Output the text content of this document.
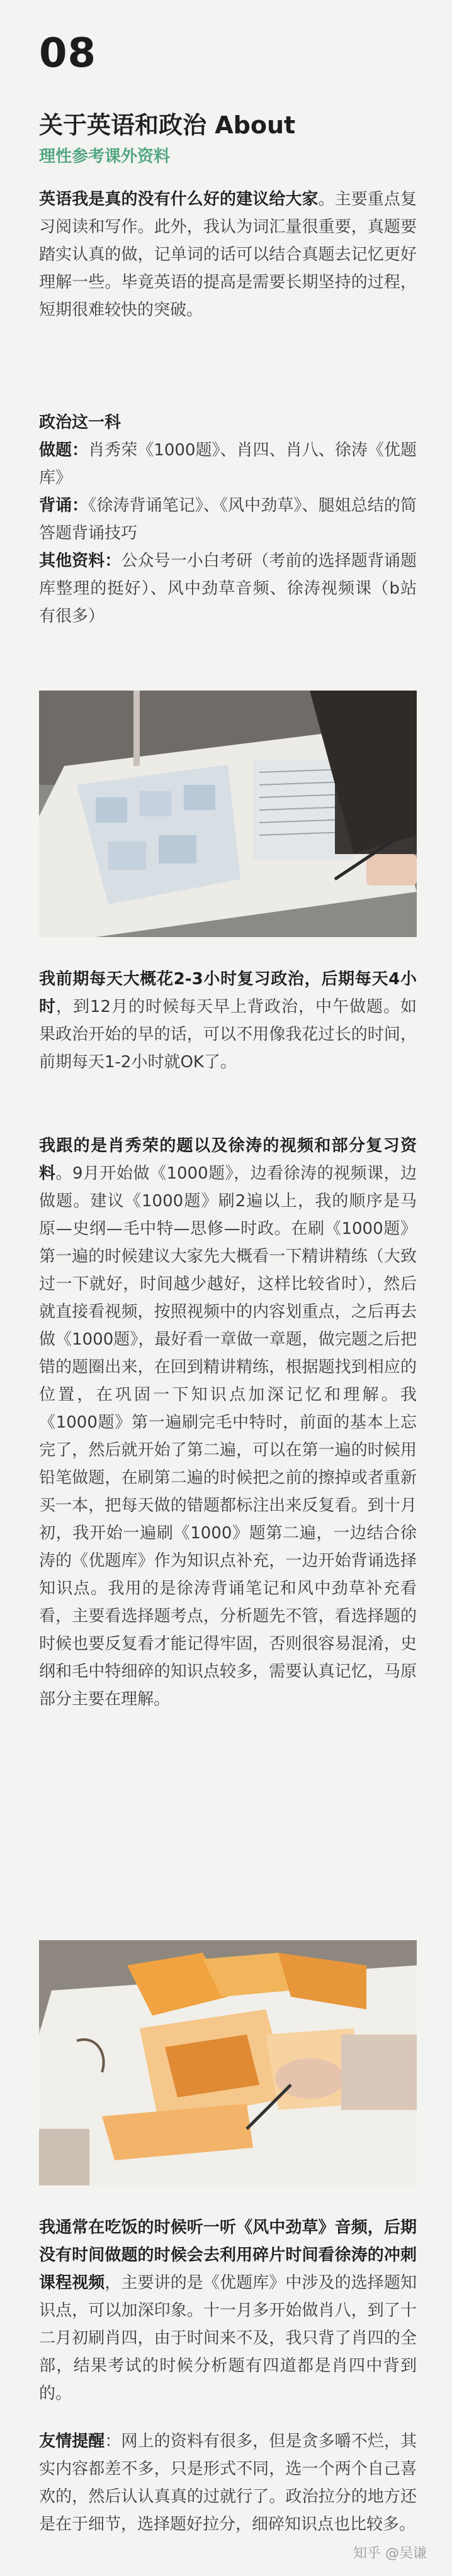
08
关于英语和政治 About
理性参考课外资料

英语我是真的没有什么好的建议给大家。主要重点复习阅读和写作。此外，我认为词汇量很重要，真题要踏实认真的做，记单词的话可以结合真题去记忆更好理解一些。毕竟英语的提高是需要长期坚持的过程，短期很难较快的突破。

政治这一科
做题：肖秀荣《1000题》、肖四、肖八、徐涛《优题库》
背诵：《徐涛背诵笔记》、《风中劲草》、腿姐总结的简答题背诵技巧
其他资料：公众号一小白考研（考前的选择题背诵题库整理的挺好）、风中劲草音频、徐涛视频课（b站有很多）

我前期每天大概花2-3小时复习政治，后期每天4小时，到12月的时候每天早上背政治，中午做题。如果政治开始的早的话，可以不用像我花过长的时间，前期每天1-2小时就OK了。

我跟的是肖秀荣的题以及徐涛的视频和部分复习资料。9月开始做《1000题》，边看徐涛的视频课，边做题。建议《1000题》刷2遍以上，我的顺序是马原—史纲—毛中特—思修—时政。在刷《1000题》第一遍的时候建议大家先大概看一下精讲精练（大致过一下就好，时间越少越好，这样比较省时），然后就直接看视频，按照视频中的内容划重点，之后再去做《1000题》，最好看一章做一章题，做完题之后把错的题圈出来，在回到精讲精练，根据题找到相应的位置，在巩固一下知识点加深记忆和理解。我《1000题》第一遍刷完毛中特时，前面的基本上忘完了，然后就开始了第二遍，可以在第一遍的时候用铅笔做题，在刷第二遍的时候把之前的擦掉或者重新买一本，把每天做的错题都标注出来反复看。到十月初，我开始一遍刷《1000》题第二遍，一边结合徐涛的《优题库》作为知识点补充，一边开始背诵选择知识点。我用的是徐涛背诵笔记和风中劲草补充看看，主要看选择题考点，分析题先不管，看选择题的时候也要反复看才能记得牢固，否则很容易混淆，史纲和毛中特细碎的知识点较多，需要认真记忆，马原部分主要在理解。

我通常在吃饭的时候听一听《风中劲草》音频，后期没有时间做题的时候会去利用碎片时间看徐涛的冲刺课程视频，主要讲的是《优题库》中涉及的选择题知识点，可以加深印象。十一月多开始做肖八，到了十二月初刷肖四，由于时间来不及，我只背了肖四的全部，结果考试的时候分析题有四道都是肖四中背到的。

友情提醒：网上的资料有很多，但是贪多嚼不烂，其实内容都差不多，只是形式不同，选一个两个自己喜欢的，然后认认真真的过就行了。政治拉分的地方还是在于细节，选择题好拉分，细碎知识点也比较多。

知乎 @吴谦
